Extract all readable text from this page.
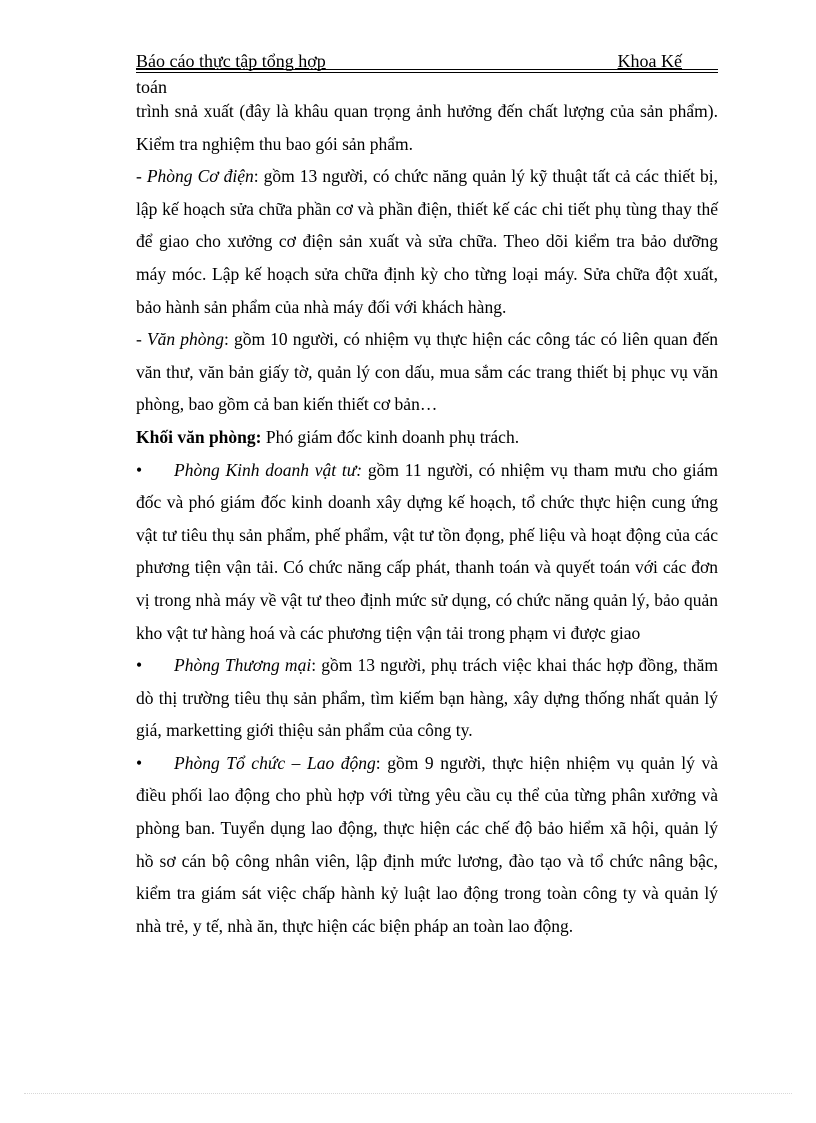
Báo cáo thực tập tổng hợp	Khoa Kế
toán

trình snả xuất (đây là khâu quan trọng ảnh hưởng đến chất lượng của sản phẩm). Kiểm tra nghiệm thu bao gói sản phẩm.

- Phòng Cơ điện: gồm 13 người, có chức năng quản lý kỹ thuật tất cả các thiết bị, lập kế hoạch sửa chữa phần cơ và phần điện, thiết kế các chi tiết phụ tùng thay thế để giao cho xưởng cơ điện sản xuất và sửa chữa. Theo dõi kiểm tra bảo dưỡng máy móc. Lập kế hoạch sửa chữa định kỳ cho từng loại máy. Sửa chữa đột xuất, bảo hành sản phẩm của nhà máy đối với khách hàng.

- Văn phòng: gồm 10 người, có nhiệm vụ thực hiện các công tác có liên quan đến văn thư, văn bản giấy tờ, quản lý con dấu, mua sắm các trang thiết bị phục vụ văn phòng, bao gồm cả ban kiến thiết cơ bản…

Khối văn phòng: Phó giám đốc kinh doanh phụ trách.

• Phòng Kinh doanh vật tư: gồm 11 người, có nhiệm vụ tham mưu cho giám đốc và phó giám đốc kinh doanh xây dựng kế hoạch, tổ chức thực hiện cung ứng vật tư tiêu thụ sản phẩm, phế phẩm, vật tư tồn đọng, phế liệu và hoạt động của các phương tiện vận tải. Có chức năng cấp phát, thanh toán và quyết toán với các đơn vị trong nhà máy về vật tư theo định mức sử dụng, có chức năng quản lý, bảo quản kho vật tư hàng hoá và các phương tiện vận tải trong phạm vi được giao

• Phòng Thương mại: gồm 13 người, phụ trách việc khai thác hợp đồng, thăm dò thị trường tiêu thụ sản phẩm, tìm kiếm bạn hàng, xây dựng thống nhất quản lý giá, marketting giới thiệu sản phẩm của công ty.

• Phòng Tổ chức – Lao động: gồm 9 người, thực hiện nhiệm vụ quản lý và điều phối lao động cho phù hợp với từng yêu cầu cụ thể của từng phân xưởng và phòng ban. Tuyển dụng lao động, thực hiện các chế độ bảo hiểm xã hội, quản lý hồ sơ cán bộ công nhân viên, lập định mức lương, đào tạo và tổ chức nâng bậc, kiểm tra giám sát việc chấp hành kỷ luật lao động trong toàn công ty và quản lý nhà trẻ, y tế, nhà ăn, thực hiện các biện pháp an toàn lao động.
